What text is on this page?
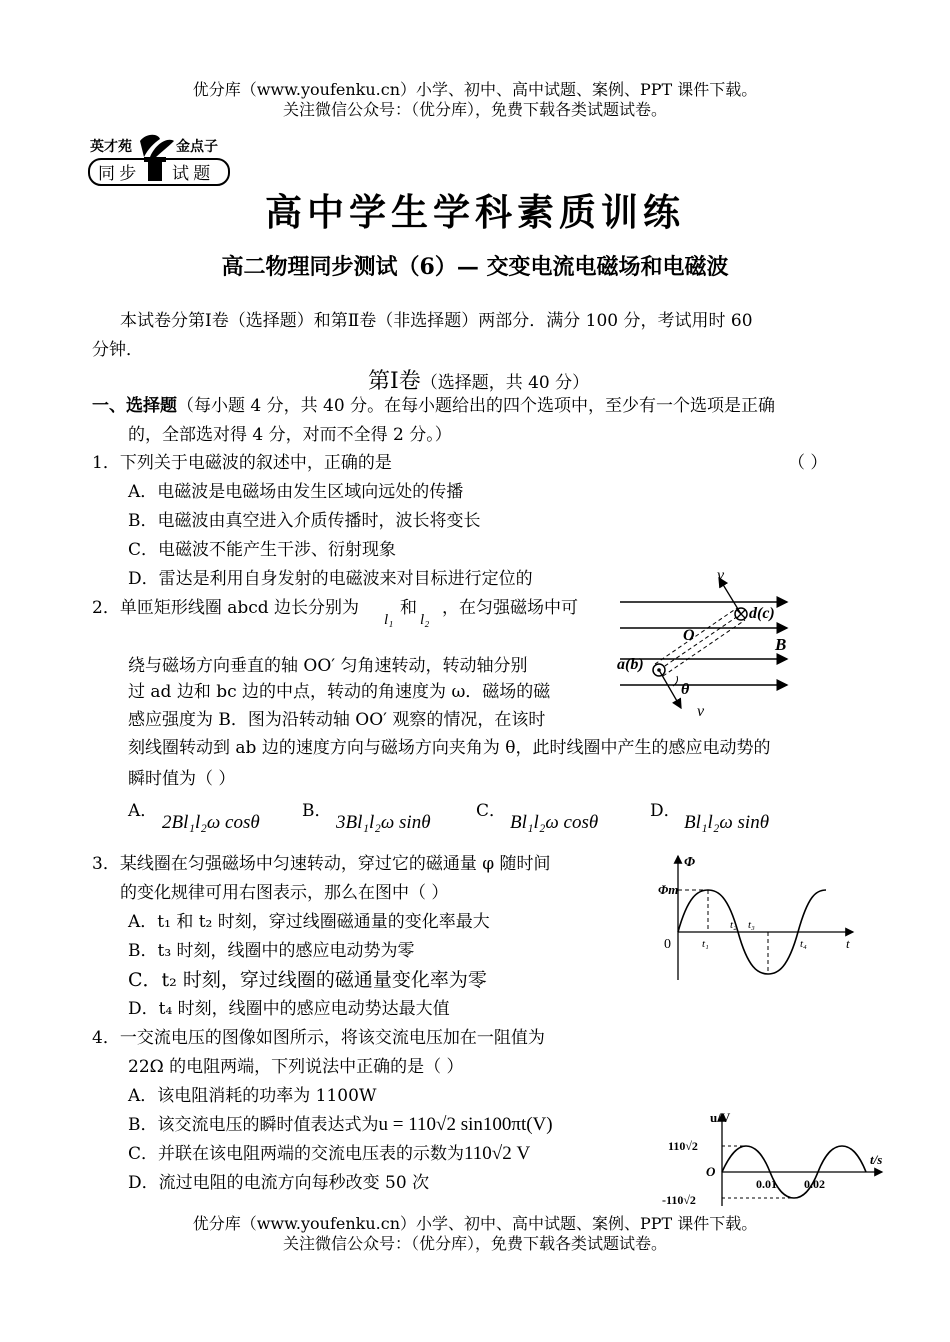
优分库（www.youfenku.cn）小学、初中、高中试题、案例、PPT 课件下载。
关注微信公众号：（优分库），免费下载各类试题试卷。
英才苑	金点子
同 步 试 题
高中学生学科素质训练
高二物理同步测试（6）— 交变电流电磁场和电磁波
本试卷分第Ⅰ卷（选择题）和第Ⅱ卷（非选择题）两部分．满分 100 分，考试用时 60
分钟．
第Ⅰ卷（选择题，共 40 分）
一、选择题（每小题 4 分，共 40 分。在每小题给出的四个选项中，至少有一个选项是正确
的，全部选对得 4 分，对而不全得 2 分。）
1．下列关于电磁波的叙述中，正确的是	（ ）
A．电磁波是电磁场由发生区域向远处的传播
B．电磁波由真空进入介质传播时，波长将变长
C．电磁波不能产生干涉、衍射现象
D．雷达是利用自身发射的电磁波来对目标进行定位的
2．单匝矩形线圈 abcd 边长分别为
l₁
和
l₂
，在匀强磁场中可
绕与磁场方向垂直的轴 OO′ 匀角速转动，转动轴分别
过 ad 边和 bc 边的中点，转动的角速度为 ω．磁场的磁
感应强度为 B．图为沿转动轴 OO′ 观察的情况，在该时
刻线圈转动到 ab 边的速度方向与磁场方向夹角为 θ，此时线圈中产生的感应电动势的
瞬时值为（ ）
A．
2Bl₁l₂ω cosθ
B．
3Bl₁l₂ω sinθ
C．
Bl₁l₂ω cosθ
D．
Bl₁l₂ω sinθ
v
v
d(c)
a(b)
O	B
θ
3．某线圈在匀强磁场中匀速转动，穿过它的磁通量 φ 随时间
的变化规律可用右图表示，那么在图中（ ）
A．t₁ 和 t₂ 时刻，穿过线圈磁通量的变化率最大
B．t₃ 时刻，线圈中的感应电动势为零
C．t₂ 时刻，穿过线圈的磁通量变化率为零
D．t₄ 时刻，线圈中的感应电动势达最大值
Φ
Φm
0	t₁
t₂ t₃
t₄	t
4．一交流电压的图像如图所示，将该交流电压加在一阻值为
22Ω 的电阻两端，下列说法中正确的是（ ）
A．该电阻消耗的功率为 1100W
B．该交流电压的瞬时值表达式为u = 110√2 sin100πt(V)
C．并联在该电阻两端的交流电压表的示数为110√2 V
D．流过电阻的电流方向每秒改变 50 次
u/V
110√2
-110√2
O
0.01 0.02
t/s
优分库（www.youfenku.cn）小学、初中、高中试题、案例、PPT 课件下载。
关注微信公众号：（优分库），免费下载各类试题试卷。
